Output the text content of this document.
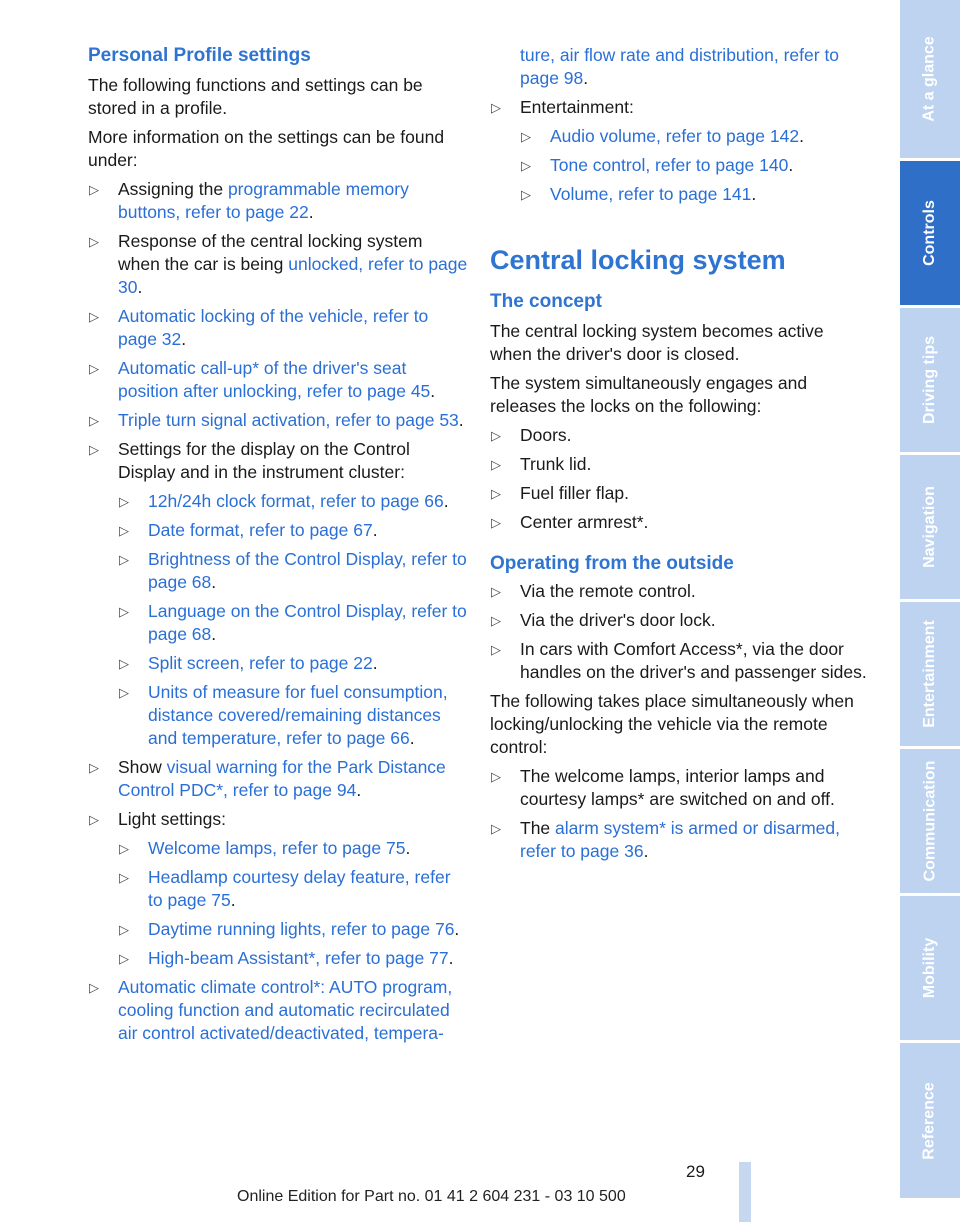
Personal Profile settings

The following functions and settings can be stored in a profile.

More information on the settings can be found under:

▷ Assigning the programmable memory buttons, refer to page 22.
▷ Response of the central locking system when the car is being unlocked, refer to page 30.
▷ Automatic locking of the vehicle, refer to page 32.
▷ Automatic call-up* of the driver's seat position after unlocking, refer to page 45.
▷ Triple turn signal activation, refer to page 53.
▷ Settings for the display on the Control Display and in the instrument cluster:
▷ 12h/24h clock format, refer to page 66.
▷ Date format, refer to page 67.
▷ Brightness of the Control Display, refer to page 68.
▷ Language on the Control Display, refer to page 68.
▷ Split screen, refer to page 22.
▷ Units of measure for fuel consumption, distance covered/remaining distances and temperature, refer to page 66.
▷ Show visual warning for the Park Distance Control PDC*, refer to page 94.
▷ Light settings:
▷ Welcome lamps, refer to page 75.
▷ Headlamp courtesy delay feature, refer to page 75.
▷ Daytime running lights, refer to page 76.
▷ High-beam Assistant*, refer to page 77.
▷ Automatic climate control*: AUTO program, cooling function and automatic recirculated air control activated/deactivated, tempera-
ture, air flow rate and distribution, refer to page 98.
▷ Entertainment:
▷ Audio volume, refer to page 142.
▷ Tone control, refer to page 140.
▷ Volume, refer to page 141.
Central locking system
The concept

The central locking system becomes active when the driver's door is closed.

The system simultaneously engages and releases the locks on the following:

▷ Doors.
▷ Trunk lid.
▷ Fuel filler flap.
▷ Center armrest*.
Operating from the outside
▷ Via the remote control.
▷ Via the driver's door lock.
▷ In cars with Comfort Access*, via the door handles on the driver's and passenger sides.

The following takes place simultaneously when locking/unlocking the vehicle via the remote control:

▷ The welcome lamps, interior lamps and courtesy lamps* are switched on and off.
▷ The alarm system* is armed or disarmed, refer to page 36.
At a glance
Controls
Driving tips
Navigation
Entertainment
Communication
Mobility
Reference
29
Online Edition for Part no. 01 41 2 604 231 - 03 10 500
